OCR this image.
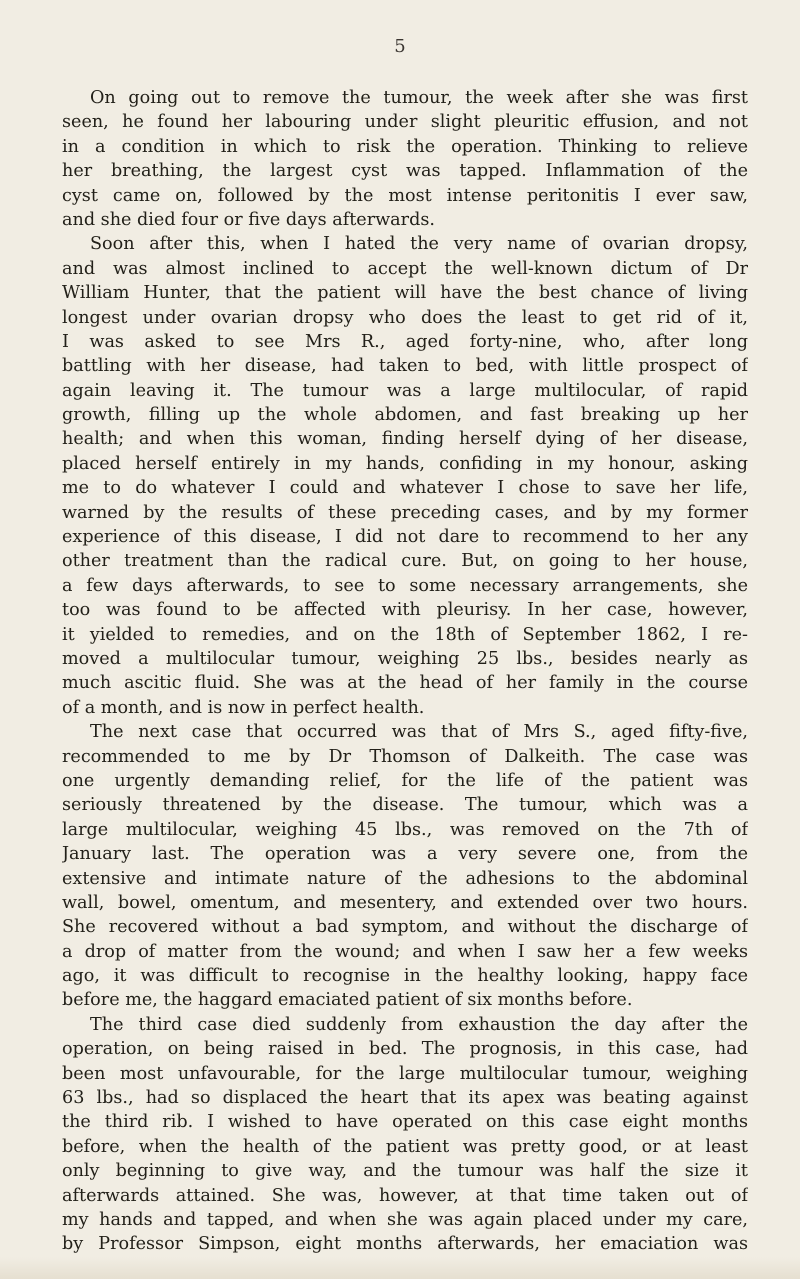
5
On going out to remove the tumour, the week after she was first
seen, he found her labouring under slight pleuritic effusion, and not
in a condition in which to risk the operation. Thinking to relieve
her breathing, the largest cyst was tapped. Inflammation of the
cyst came on, followed by the most intense peritonitis I ever saw,
and she died four or five days afterwards.
Soon after this, when I hated the very name of ovarian dropsy,
and was almost inclined to accept the well-known dictum of Dr
William Hunter, that the patient will have the best chance of living
longest under ovarian dropsy who does the least to get rid of it,
I was asked to see Mrs R., aged forty-nine, who, after long
battling with her disease, had taken to bed, with little prospect of
again leaving it. The tumour was a large multilocular, of rapid
growth, filling up the whole abdomen, and fast breaking up her
health; and when this woman, finding herself dying of her disease,
placed herself entirely in my hands, confiding in my honour, asking
me to do whatever I could and whatever I chose to save her life,
warned by the results of these preceding cases, and by my former
experience of this disease, I did not dare to recommend to her any
other treatment than the radical cure. But, on going to her house,
a few days afterwards, to see to some necessary arrangements, she
too was found to be affected with pleurisy. In her case, however,
it yielded to remedies, and on the 18th of September 1862, I re-
moved a multilocular tumour, weighing 25 lbs., besides nearly as
much ascitic fluid. She was at the head of her family in the course
of a month, and is now in perfect health.
The next case that occurred was that of Mrs S., aged fifty-five,
recommended to me by Dr Thomson of Dalkeith. The case was
one urgently demanding relief, for the life of the patient was
seriously threatened by the disease. The tumour, which was a
large multilocular, weighing 45 lbs., was removed on the 7th of
January last. The operation was a very severe one, from the
extensive and intimate nature of the adhesions to the abdominal
wall, bowel, omentum, and mesentery, and extended over two hours.
She recovered without a bad symptom, and without the discharge of
a drop of matter from the wound; and when I saw her a few weeks
ago, it was difficult to recognise in the healthy looking, happy face
before me, the haggard emaciated patient of six months before.
The third case died suddenly from exhaustion the day after the
operation, on being raised in bed. The prognosis, in this case, had
been most unfavourable, for the large multilocular tumour, weighing
63 lbs., had so displaced the heart that its apex was beating against
the third rib. I wished to have operated on this case eight months
before, when the health of the patient was pretty good, or at least
only beginning to give way, and the tumour was half the size it
afterwards attained. She was, however, at that time taken out of
my hands and tapped, and when she was again placed under my care,
by Professor Simpson, eight months afterwards, her emaciation was
